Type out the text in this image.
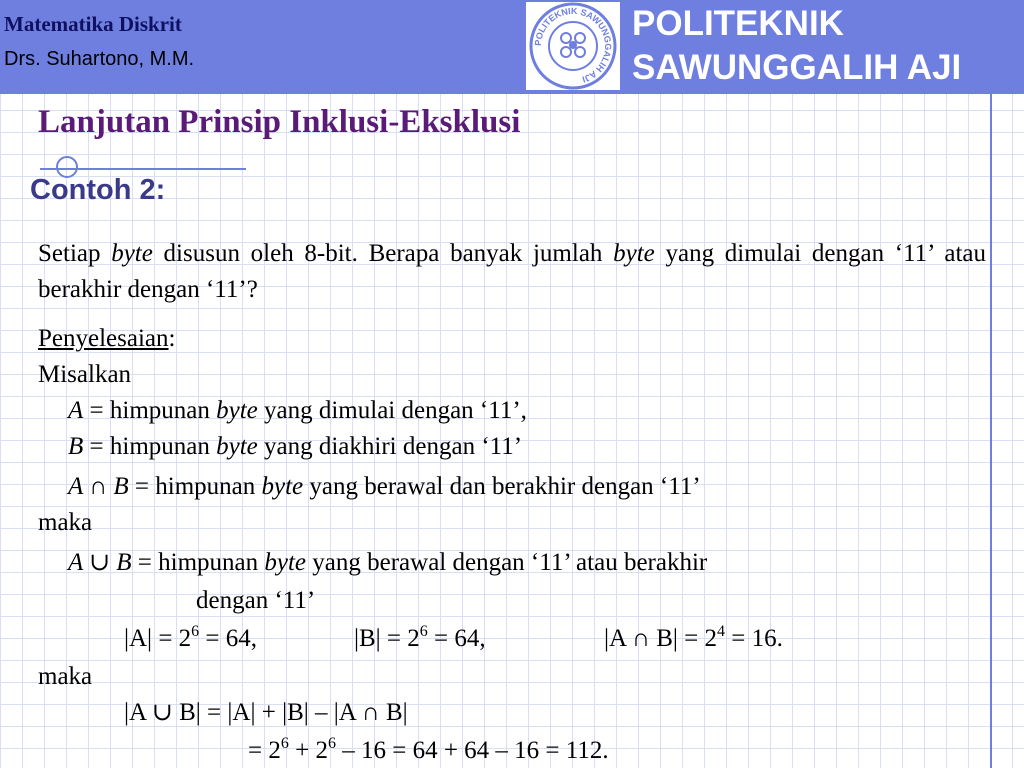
Matematika Diskrit
Drs. Suhartono, M.M.
POLITEKNIK SAWUNGGALIH AJI
POLITEKNIK
SAWUNGGALIH AJI
Lanjutan Prinsip Inklusi-Eksklusi
Contoh 2:
Setiap byte disusun oleh 8-bit. Berapa banyak jumlah byte yang dimulai dengan ‘11’ atau berakhir dengan ‘11’?
Penyelesaian:
Misalkan
A = himpunan byte yang dimulai dengan ‘11’,
B = himpunan byte yang diakhiri dengan ‘11’
A ∩ B = himpunan byte yang berawal dan berakhir dengan ‘11’
maka
A ∪ B = himpunan byte yang berawal dengan ‘11’ atau berakhir
dengan ‘11’
$|A| = 2^6 = 64$,	$|B| = 2^6 = 64$,	|A ∩ $B| = 2^4 = 16$.
maka
|A ∪ B| = |A| + |B| – |A ∩ B|
= $2^6 + 2^6 - 16 = 64 + 64 - 16 = 112$.
